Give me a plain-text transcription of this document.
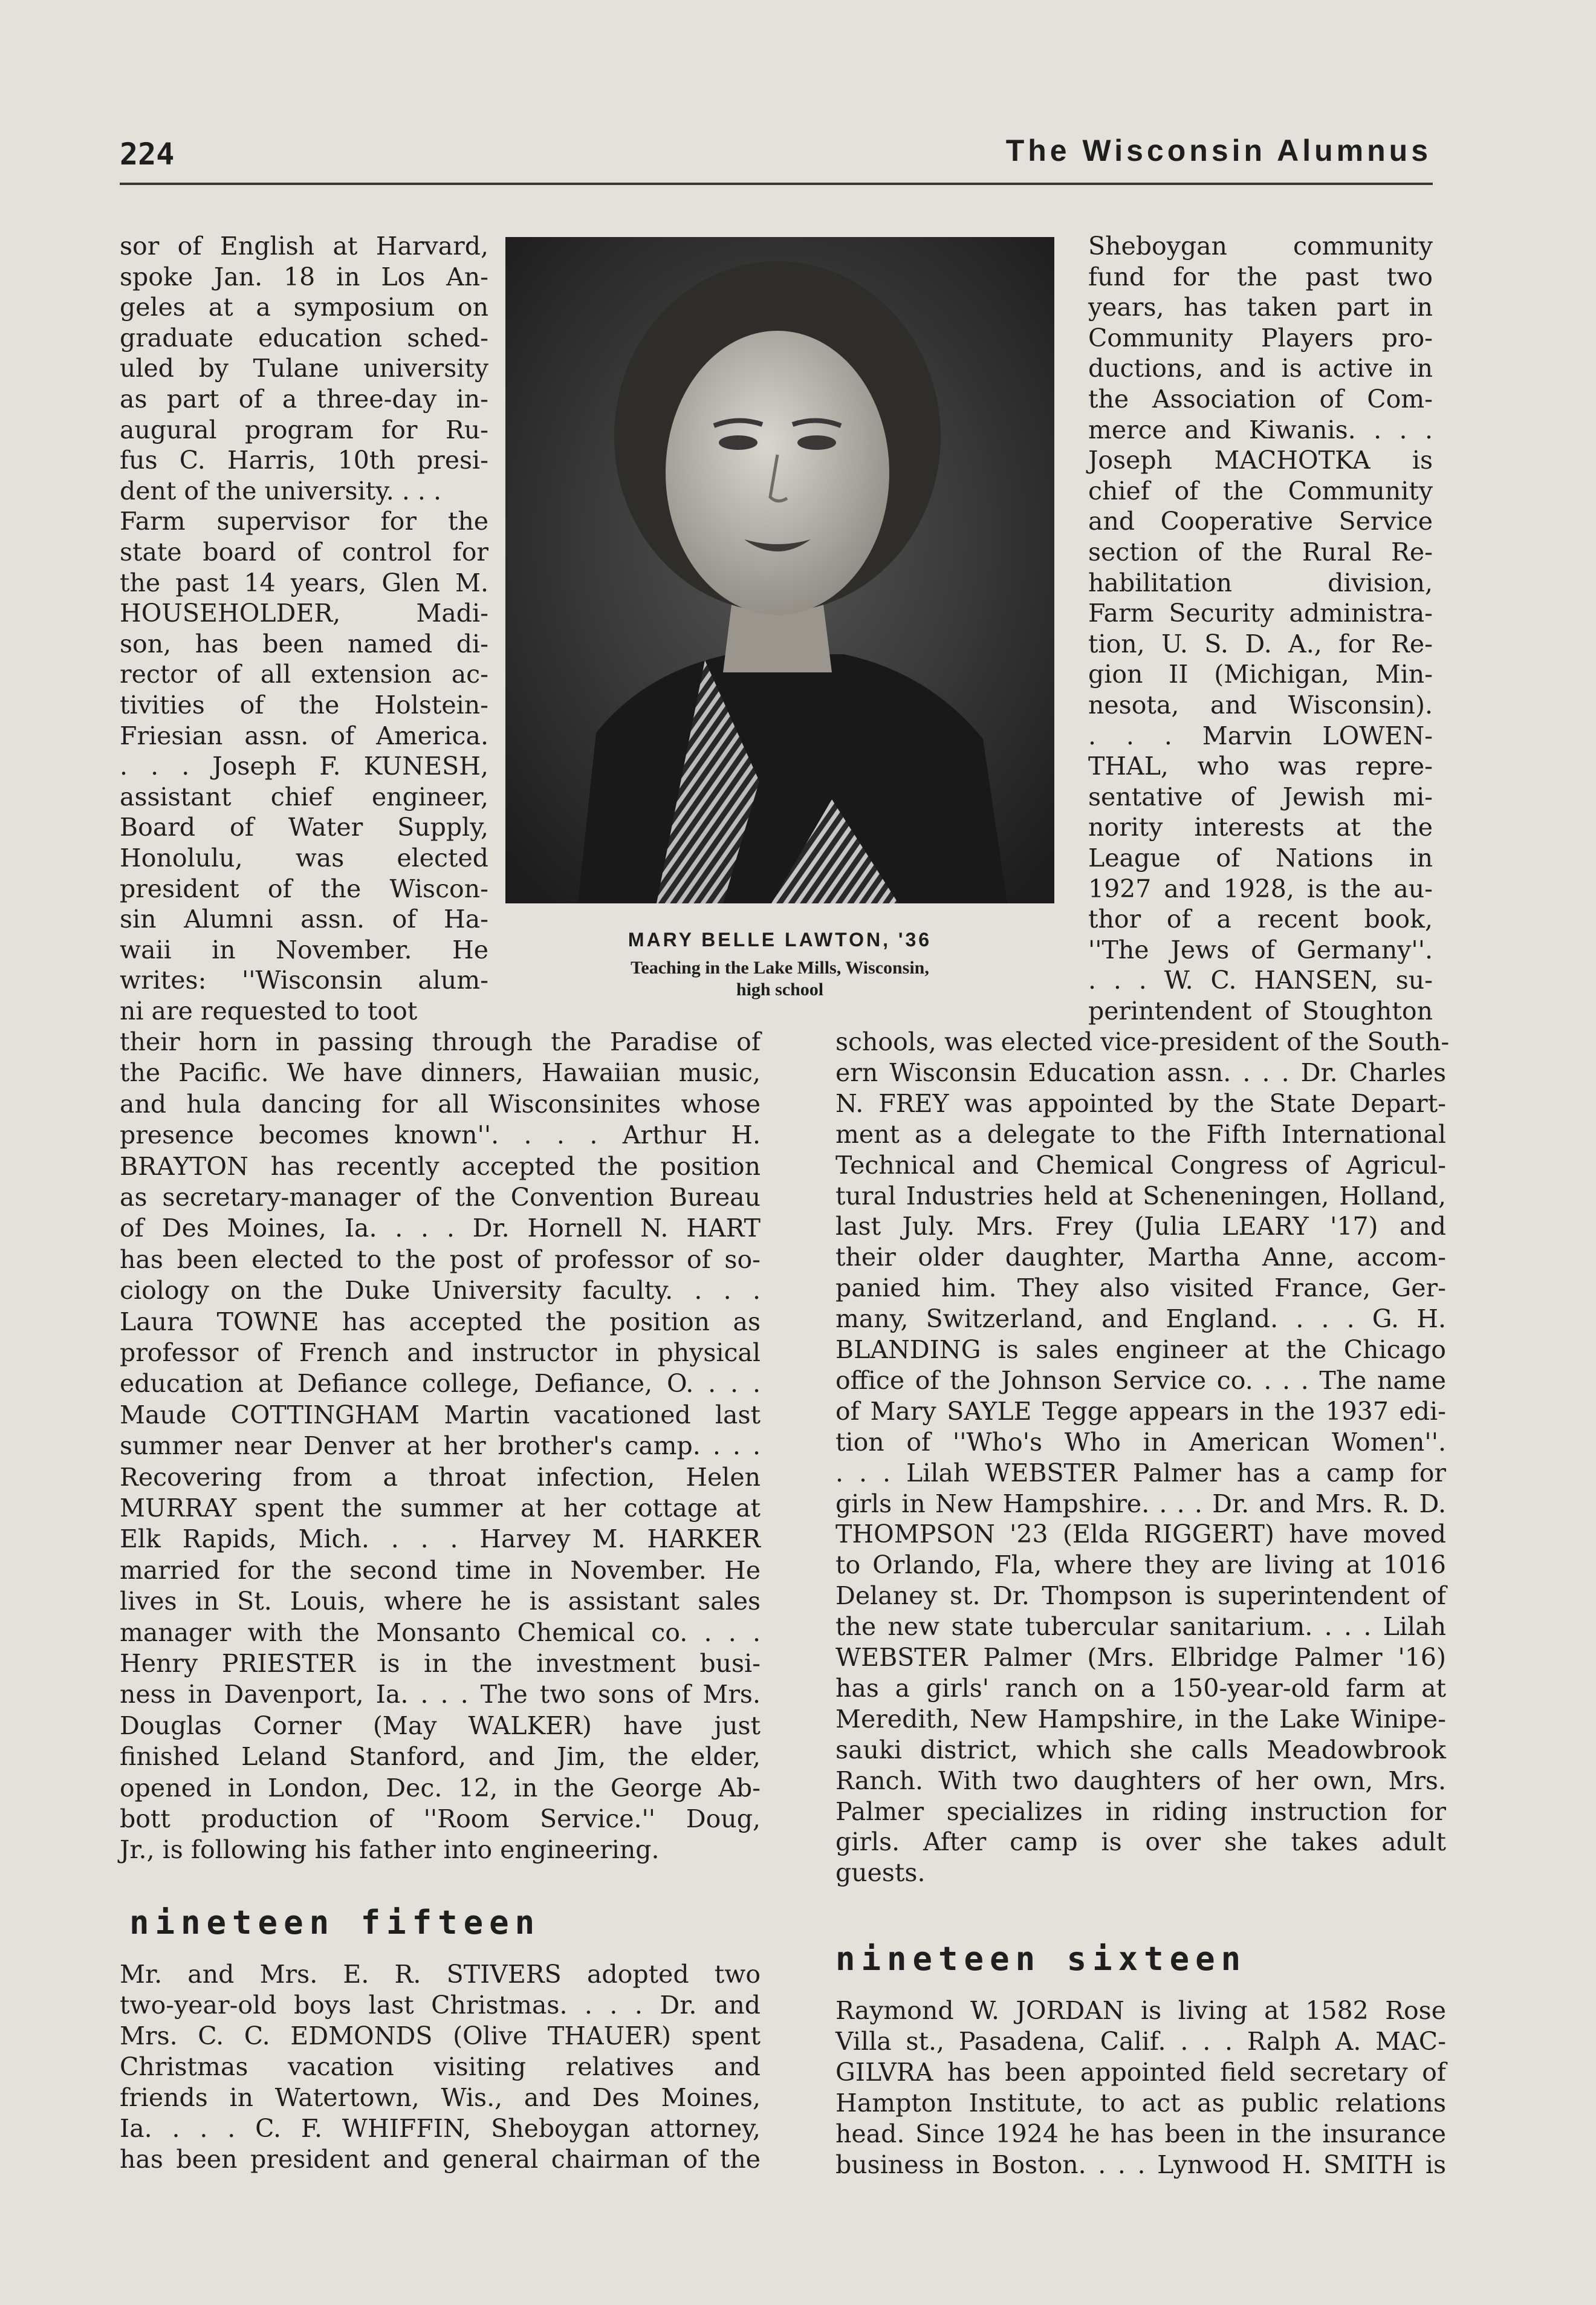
224	The Wisconsin Alumnus
MARY BELLE LAWTON, '36
Teaching in the Lake Mills, Wisconsin,
high school
nineteen fifteen
nineteen sixteen
sor of English at Harvard,
spoke Jan. 18 in Los An-
geles at a symposium on
graduate education sched-
uled by Tulane university
as part of a three-day in-
augural program for Ru-
fus C. Harris, 10th presi-
dent of the university. . . .
Farm supervisor for the
state board of control for
the past 14 years, Glen M.
HOUSEHOLDER, Madi-
son, has been named di-
rector of all extension ac-
tivities of the Holstein-
Friesian assn. of America.
. . . Joseph F. KUNESH,
assistant chief engineer,
Board of Water Supply,
Honolulu, was elected
president of the Wiscon-
sin Alumni assn. of Ha-
waii in November. He
writes: ''Wisconsin alum-
ni are requested to toot
their horn in passing through the Paradise of
the Pacific. We have dinners, Hawaiian music,
and hula dancing for all Wisconsinites whose
presence becomes known''. . . . Arthur H.
BRAYTON has recently accepted the position
as secretary-manager of the Convention Bureau
of Des Moines, Ia. . . . Dr. Hornell N. HART
has been elected to the post of professor of so-
ciology on the Duke University faculty. . . .
Laura TOWNE has accepted the position as
professor of French and instructor in physical
education at Defiance college, Defiance, O. . . .
Maude COTTINGHAM Martin vacationed last
summer near Denver at her brother's camp. . . .
Recovering from a throat infection, Helen
MURRAY spent the summer at her cottage at
Elk Rapids, Mich. . . . Harvey M. HARKER
married for the second time in November. He
lives in St. Louis, where he is assistant sales
manager with the Monsanto Chemical co. . . .
Henry PRIESTER is in the investment busi-
ness in Davenport, Ia. . . . The two sons of Mrs.
Douglas Corner (May WALKER) have just
finished Leland Stanford, and Jim, the elder,
opened in London, Dec. 12, in the George Ab-
bott production of ''Room Service.'' Doug,
Jr., is following his father into engineering.
Mr. and Mrs. E. R. STIVERS adopted two
two-year-old boys last Christmas. . . . Dr. and
Mrs. C. C. EDMONDS (Olive THAUER) spent
Christmas vacation visiting relatives and
friends in Watertown, Wis., and Des Moines,
Ia. . . . C. F. WHIFFIN, Sheboygan attorney,
has been president and general chairman of the
Sheboygan community
fund for the past two
years, has taken part in
Community Players pro-
ductions, and is active in
the Association of Com-
merce and Kiwanis. . . .
Joseph MACHOTKA is
chief of the Community
and Cooperative Service
section of the Rural Re-
habilitation division,
Farm Security administra-
tion, U. S. D. A., for Re-
gion II (Michigan, Min-
nesota, and Wisconsin).
. . . Marvin LOWEN-
THAL, who was repre-
sentative of Jewish mi-
nority interests at the
League of Nations in
1927 and 1928, is the au-
thor of a recent book,
''The Jews of Germany''.
. . . W. C. HANSEN, su-
perintendent of Stoughton
schools, was elected vice-president of the South-
ern Wisconsin Education assn. . . . Dr. Charles
N. FREY was appointed by the State Depart-
ment as a delegate to the Fifth International
Technical and Chemical Congress of Agricul-
tural Industries held at Scheneningen, Holland,
last July. Mrs. Frey (Julia LEARY '17) and
their older daughter, Martha Anne, accom-
panied him. They also visited France, Ger-
many, Switzerland, and England. . . . G. H.
BLANDING is sales engineer at the Chicago
office of the Johnson Service co. . . . The name
of Mary SAYLE Tegge appears in the 1937 edi-
tion of ''Who's Who in American Women''.
. . . Lilah WEBSTER Palmer has a camp for
girls in New Hampshire. . . . Dr. and Mrs. R. D.
THOMPSON '23 (Elda RIGGERT) have moved
to Orlando, Fla, where they are living at 1016
Delaney st. Dr. Thompson is superintendent of
the new state tubercular sanitarium. . . . Lilah
WEBSTER Palmer (Mrs. Elbridge Palmer '16)
has a girls' ranch on a 150-year-old farm at
Meredith, New Hampshire, in the Lake Winipe-
sauki district, which she calls Meadowbrook
Ranch. With two daughters of her own, Mrs.
Palmer specializes in riding instruction for
girls. After camp is over she takes adult
guests.
Raymond W. JORDAN is living at 1582 Rose
Villa st., Pasadena, Calif. . . . Ralph A. MAC-
GILVRA has been appointed field secretary of
Hampton Institute, to act as public relations
head. Since 1924 he has been in the insurance
business in Boston. . . . Lynwood H. SMITH is
